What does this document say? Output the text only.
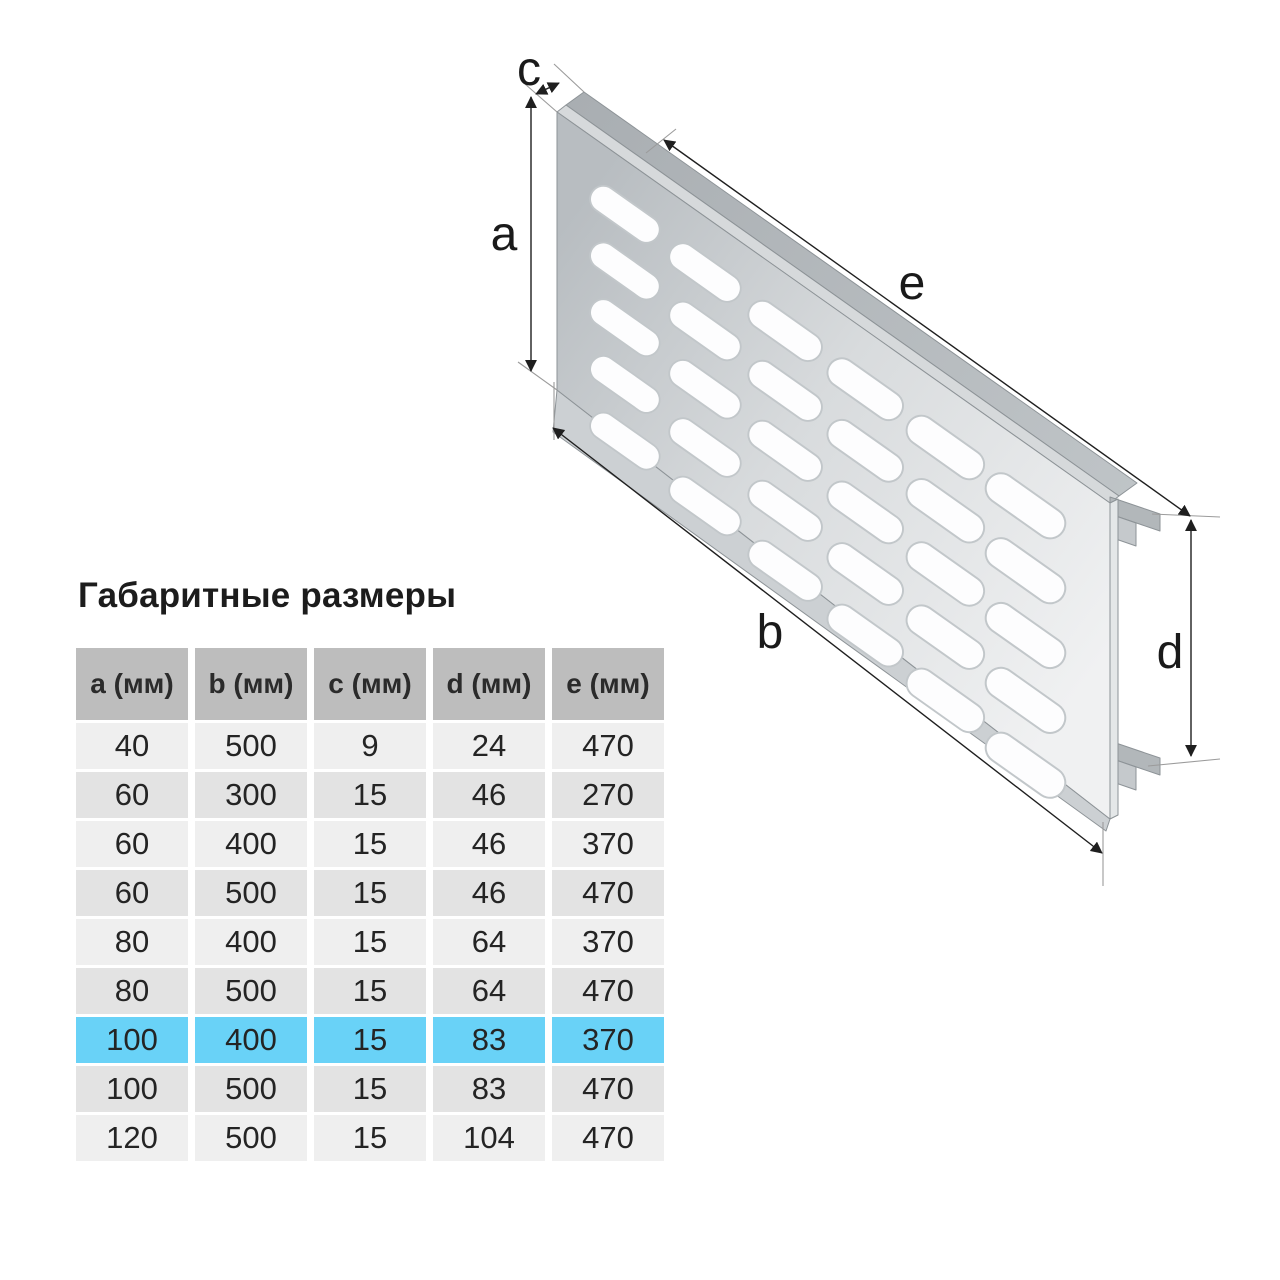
c
a
e
b	d
Габаритные размеры
a (мм)	b (мм)	c (мм)	d (мм)	e (мм)
40	500	9	24	470
60	300	15	46	270
60	400	15	46	370
60	500	15	46	470
80	400	15	64	370
80	500	15	64	470
100	400	15	83	370
100	500	15	83	470
120	500	15	104	470
